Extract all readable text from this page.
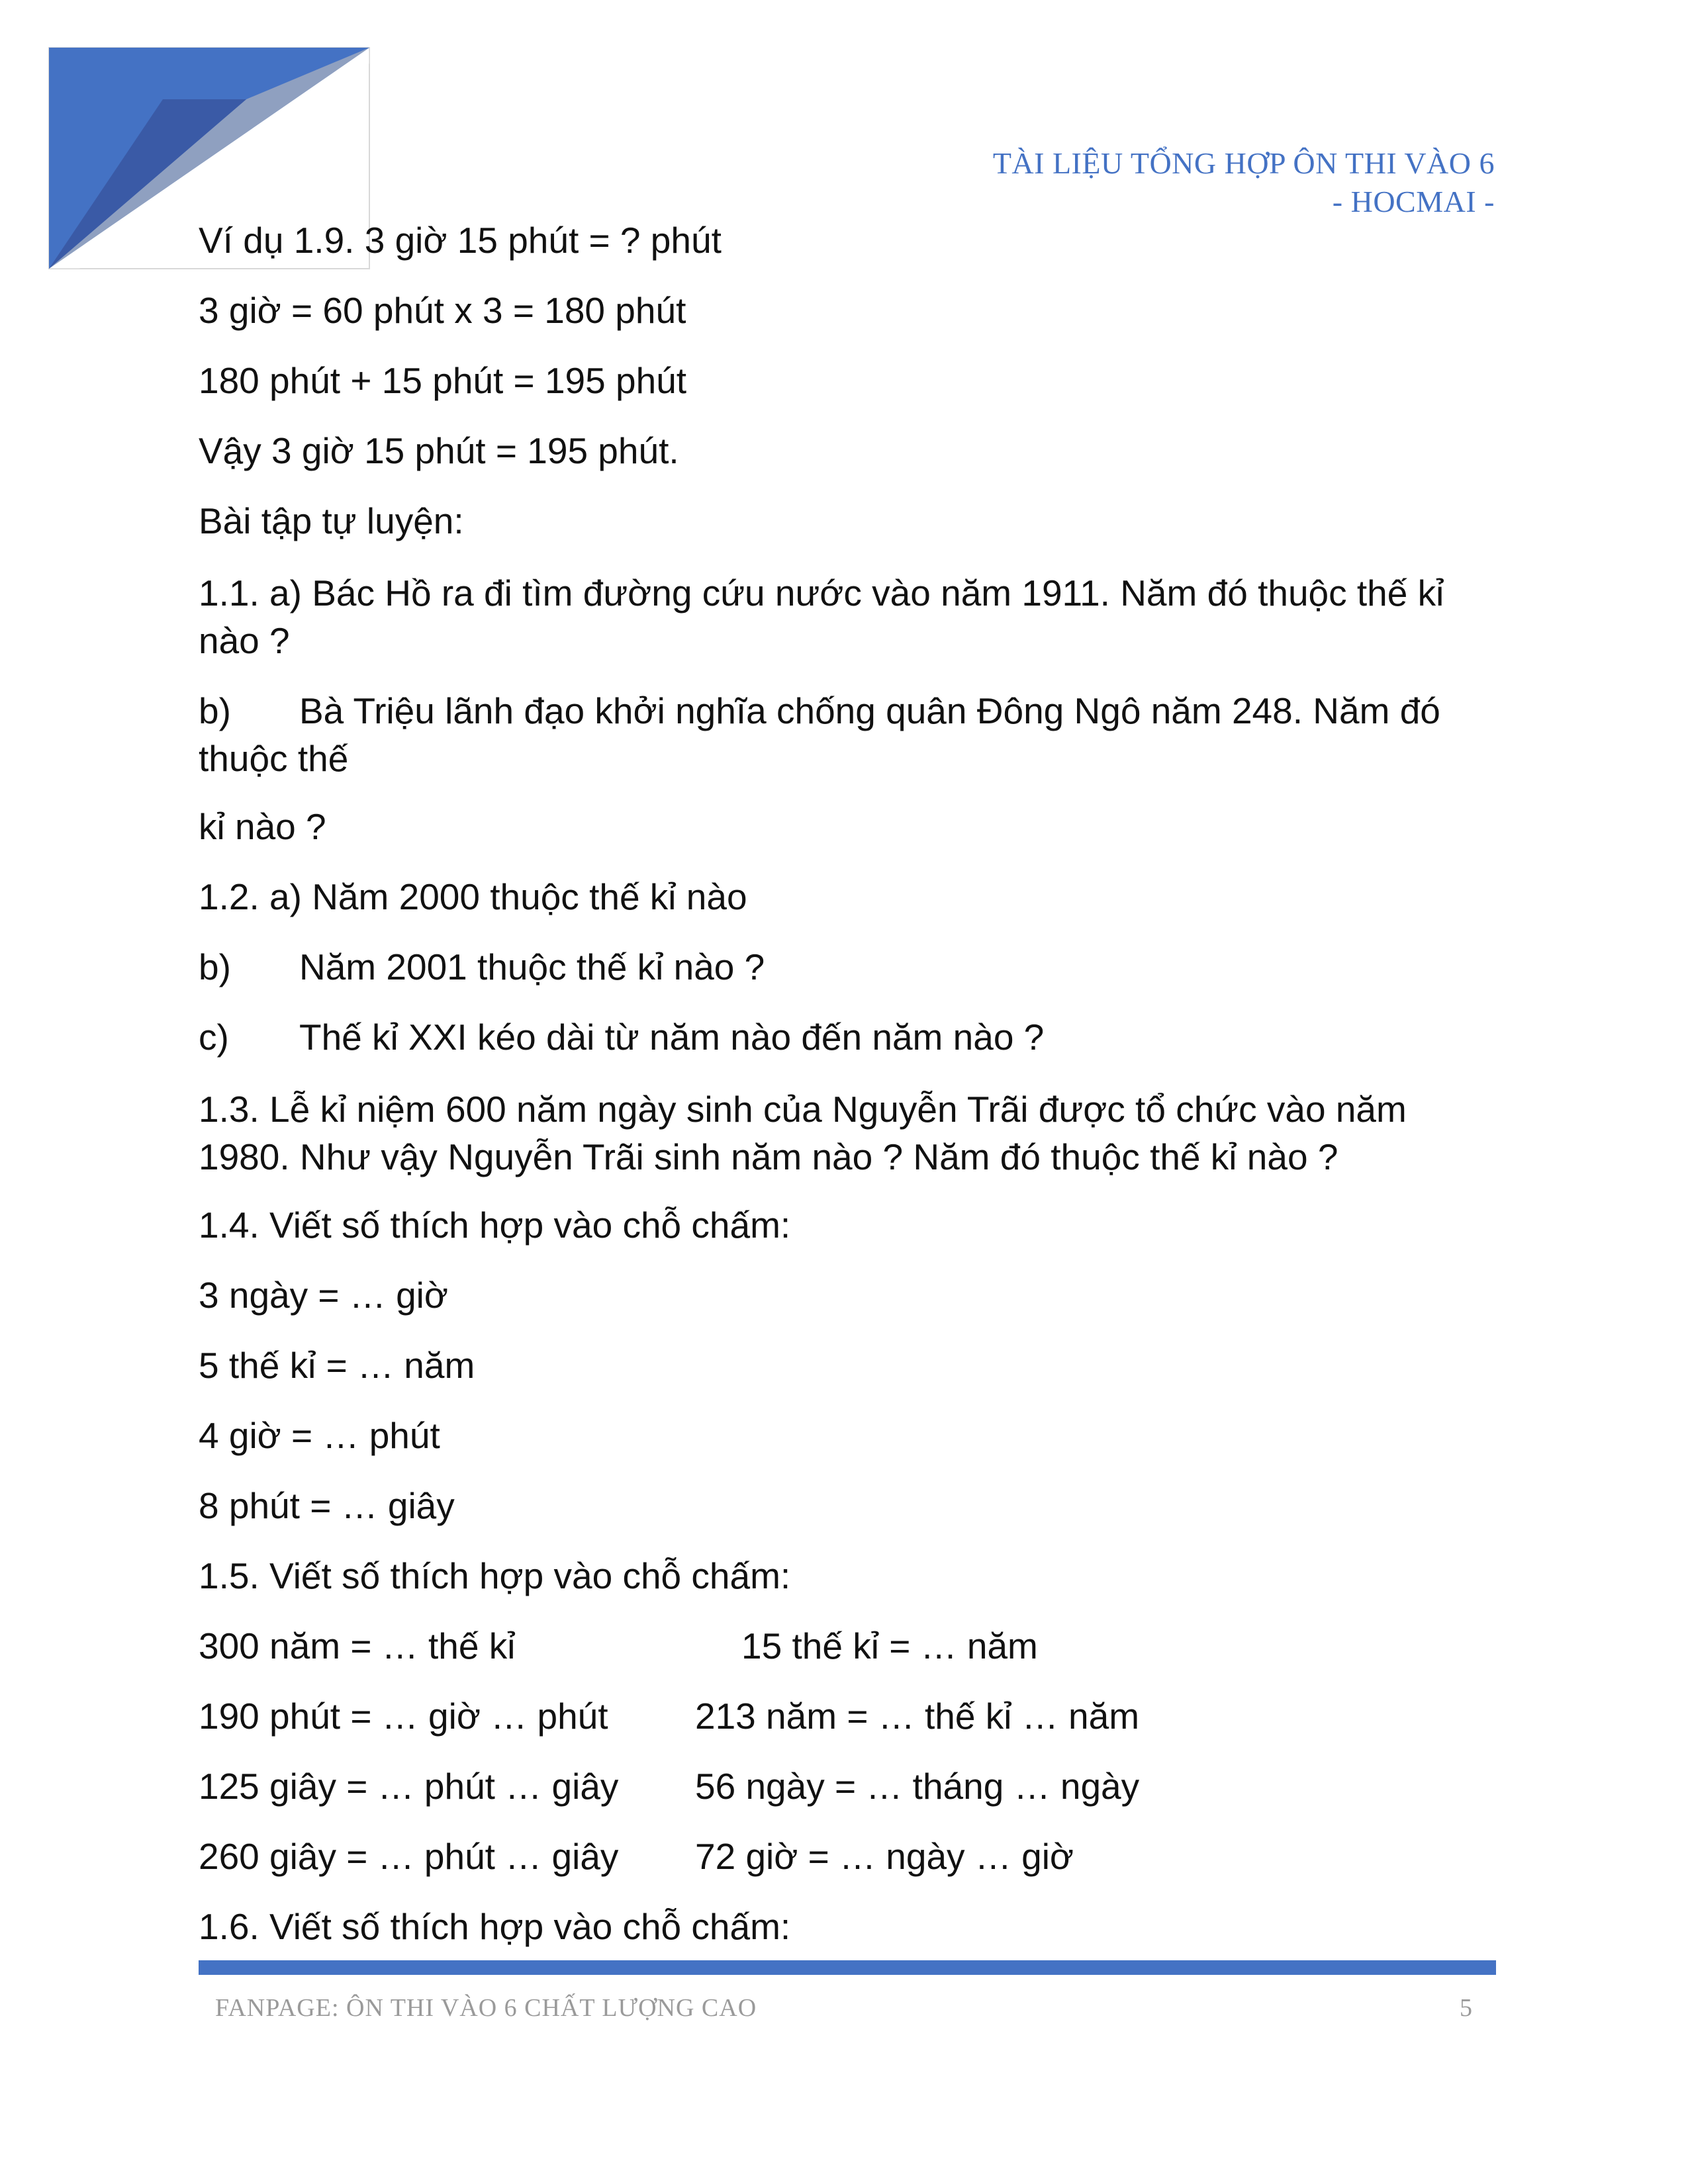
TÀI LIỆU TỔNG HỢP ÔN THI VÀO 6
- HOCMAI -
Ví dụ 1.9. 3 giờ 15 phút = ? phút
3 giờ = 60 phút x 3 = 180 phút
180 phút + 15 phút = 195 phút
Vậy 3 giờ 15 phút = 195 phút.
Bài tập tự luyện:
1.1. a) Bác Hồ ra đi tìm đường cứu nước vào năm 1911. Năm đó thuộc thế kỉ nào ?
b) Bà Triệu lãnh đạo khởi nghĩa chống quân Đông Ngô năm 248. Năm đó thuộc thế
kỉ nào ?
1.2. a) Năm 2000 thuộc thế kỉ nào
b) Năm 2001 thuộc thế kỉ nào ?
c) Thế kỉ XXI kéo dài từ năm nào đến năm nào ?
1.3. Lễ kỉ niệm 600 năm ngày sinh của Nguyễn Trãi được tổ chức vào năm 1980. Như vậy Nguyễn Trãi sinh năm nào ? Năm đó thuộc thế kỉ nào ?
1.4. Viết số thích hợp vào chỗ chấm:
3 ngày = … giờ
5 thế kỉ = … năm
4 giờ = … phút
8 phút = … giây
1.5. Viết số thích hợp vào chỗ chấm:
300 năm = … thế kỉ	15 thế kỉ = … năm
190 phút = … giờ … phút 213 năm = … thế kỉ … năm
125 giây = … phút … giây 56 ngày = … tháng … ngày
260 giây = … phút … giây 72 giờ = … ngày … giờ
1.6. Viết số thích hợp vào chỗ chấm:
FANPAGE: ÔN THI VÀO 6 CHẤT LƯỢNG CAO	5
